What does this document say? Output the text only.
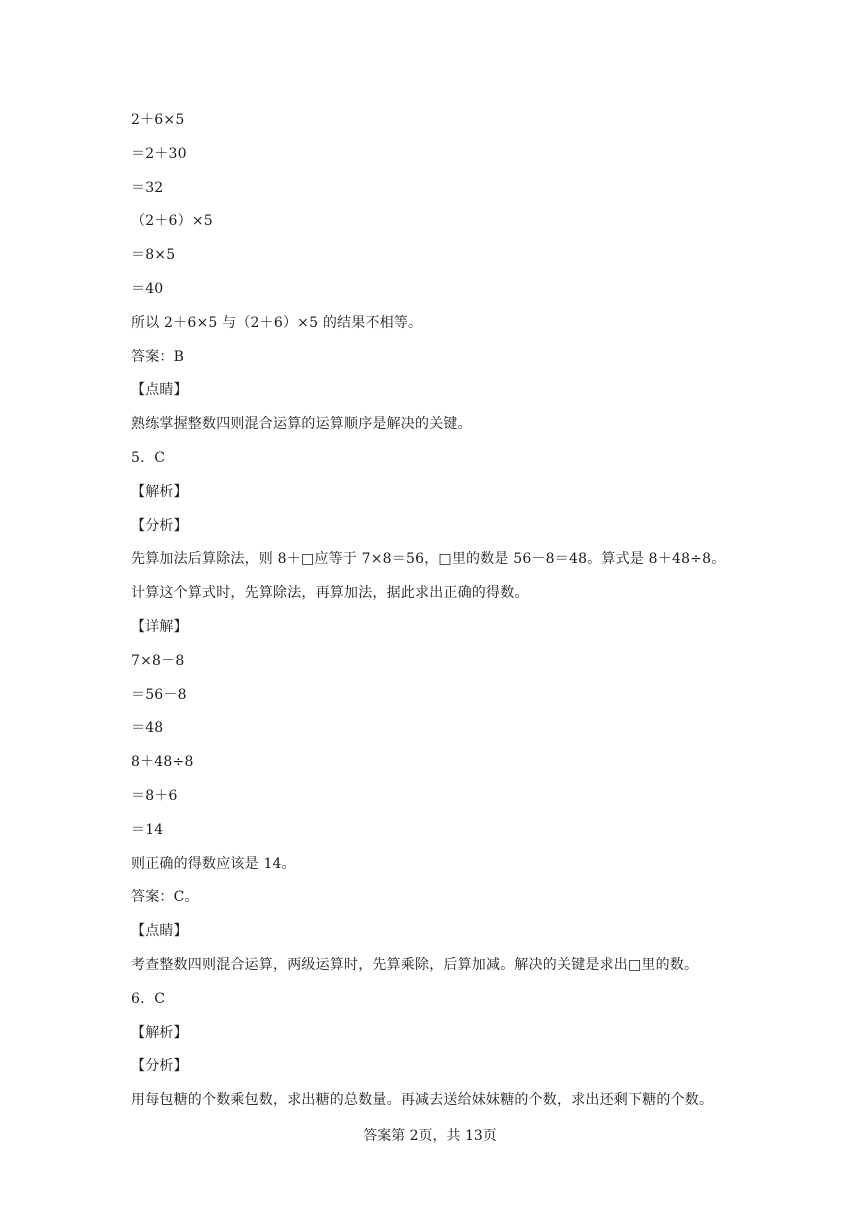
2＋6×5
＝2＋30
＝32
（2＋6）×5
＝8×5
＝40
所以 2＋6×5 与（2＋6）×5 的结果不相等。
答案：B
【点睛】
熟练掌握整数四则混合运算的运算顺序是解决的关键。
5．C
【解析】
【分析】
先算加法后算除法，则 8＋□应等于 7×8＝56，□里的数是 56－8＝48。算式是 8＋48÷8。
计算这个算式时，先算除法，再算加法，据此求出正确的得数。
【详解】
7×8－8
＝56－8
＝48
8＋48÷8
＝8＋6
＝14
则正确的得数应该是 14。
答案：C。
【点睛】
考查整数四则混合运算，两级运算时，先算乘除，后算加减。解决的关键是求出□里的数。
6．C
【解析】
【分析】
用每包糖的个数乘包数，求出糖的总数量。再减去送给妹妹糖的个数，求出还剩下糖的个数。
答案第 2页，共 13页
